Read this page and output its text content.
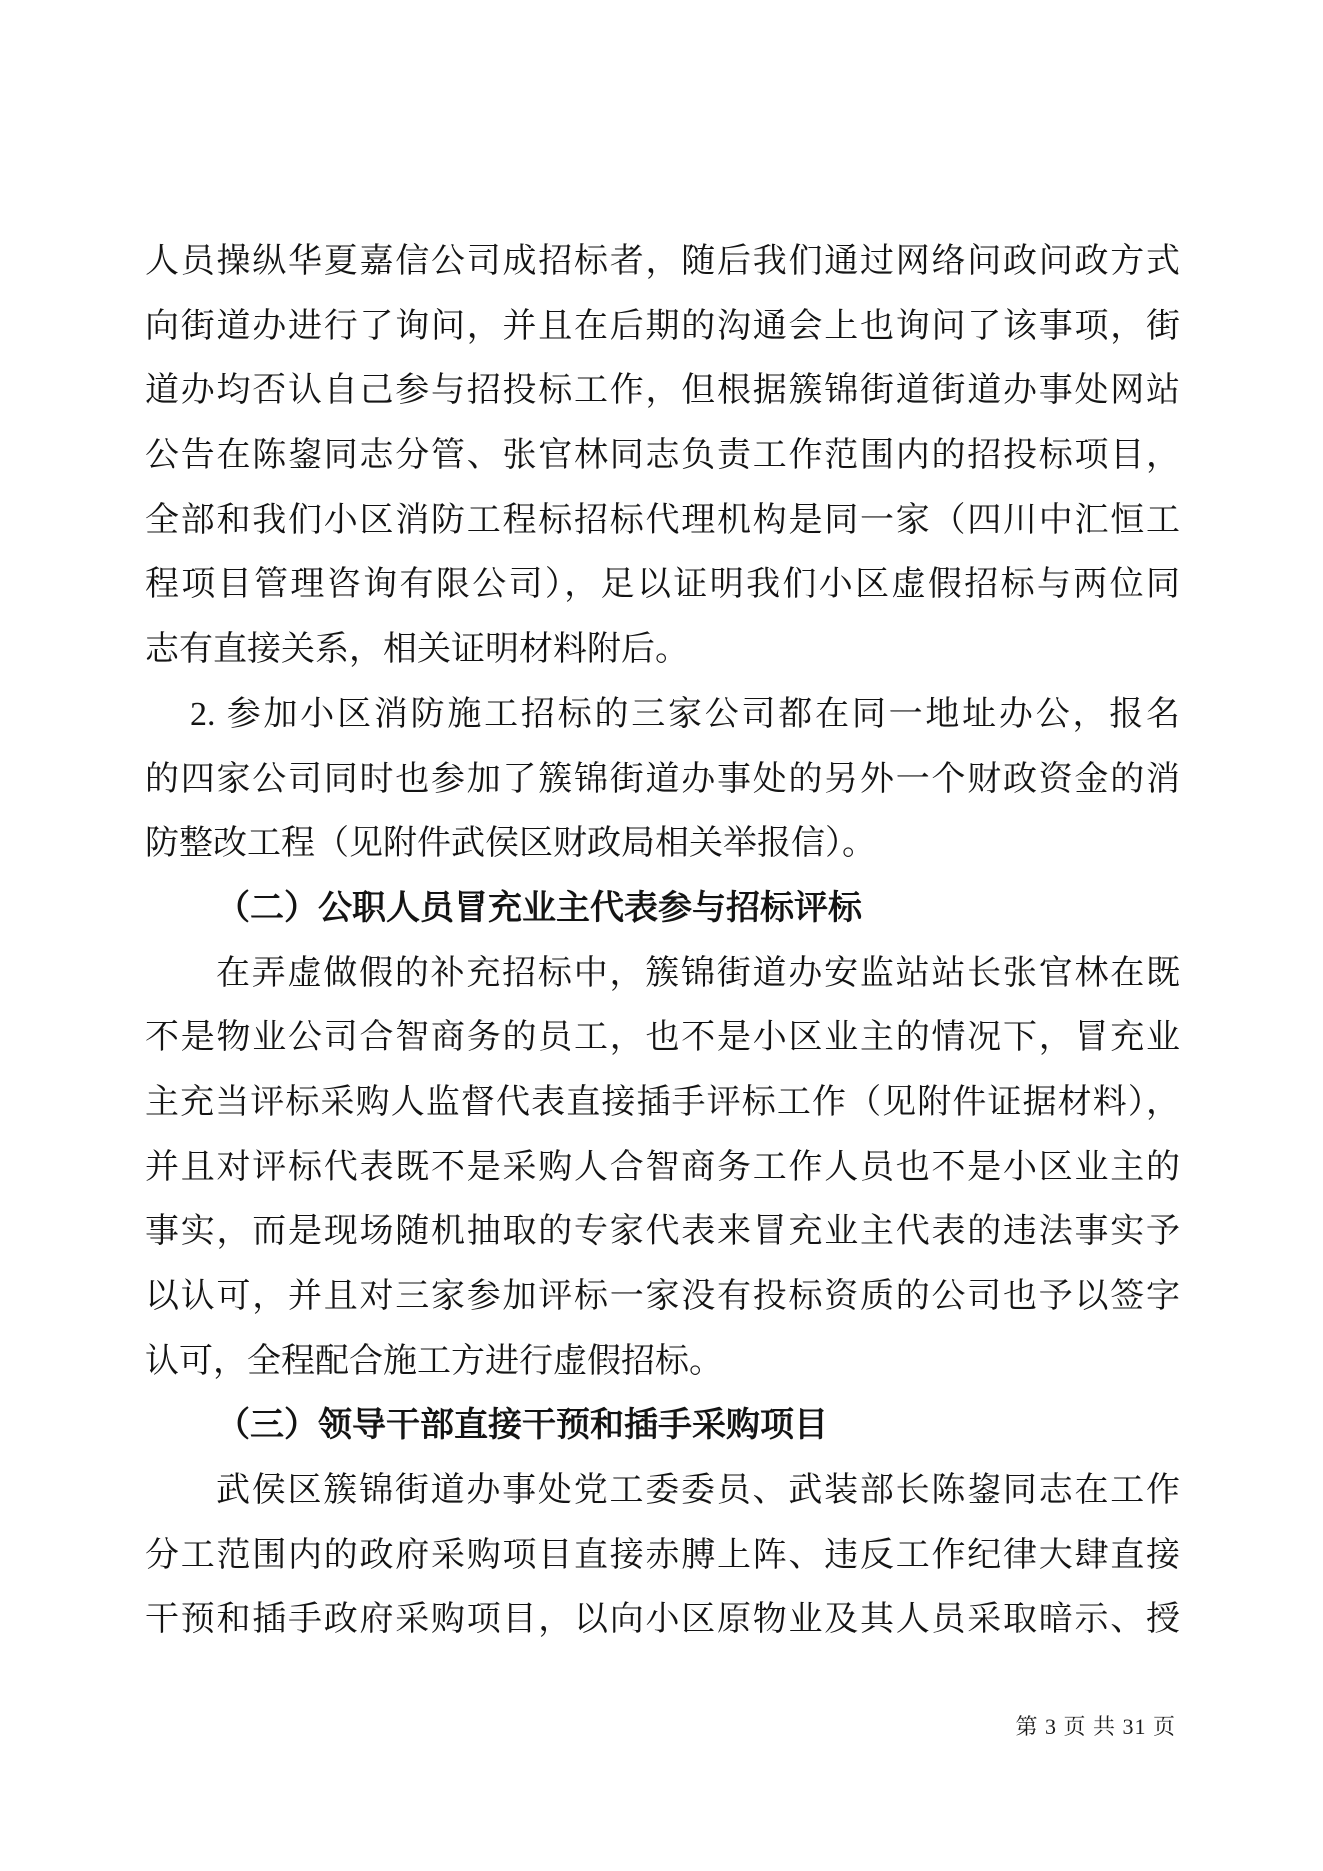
人员操纵华夏嘉信公司成招标者，随后我们通过网络问政问政方式
向街道办进行了询问，并且在后期的沟通会上也询问了该事项，街
道办均否认自己参与招投标工作，但根据簇锦街道街道办事处网站
公告在陈鋆同志分管、张官林同志负责工作范围内的招投标项目，
全部和我们小区消防工程标招标代理机构是同一家（四川中汇恒工
程项目管理咨询有限公司），足以证明我们小区虚假招标与两位同
志有直接关系，相关证明材料附后。
2. 参加小区消防施工招标的三家公司都在同一地址办公，报名
的四家公司同时也参加了簇锦街道办事处的另外一个财政资金的消
防整改工程（见附件武侯区财政局相关举报信）。
（二）公职人员冒充业主代表参与招标评标
在弄虚做假的补充招标中，簇锦街道办安监站站长张官林在既
不是物业公司合智商务的员工，也不是小区业主的情况下，冒充业
主充当评标采购人监督代表直接插手评标工作（见附件证据材料），
并且对评标代表既不是采购人合智商务工作人员也不是小区业主的
事实，而是现场随机抽取的专家代表来冒充业主代表的违法事实予
以认可，并且对三家参加评标一家没有投标资质的公司也予以签字
认可，全程配合施工方进行虚假招标。
（三）领导干部直接干预和插手采购项目
武侯区簇锦街道办事处党工委委员、武装部长陈鋆同志在工作
分工范围内的政府采购项目直接赤膊上阵、违反工作纪律大肆直接
干预和插手政府采购项目，以向小区原物业及其人员采取暗示、授
第 3 页 共 31 页
